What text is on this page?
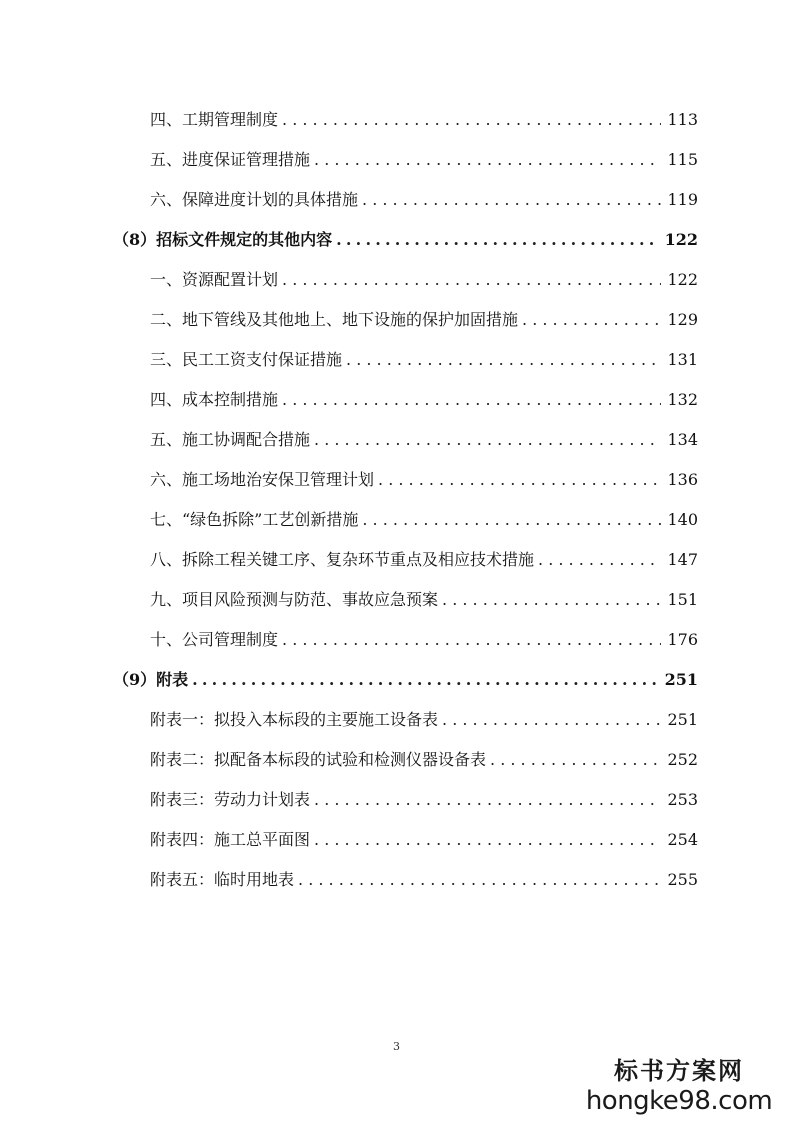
四、工期管理制度 . . .	113
五、进度保证管理措施 . . .	115
六、保障进度计划的具体措施 . . .	119
（8）招标文件规定的其他内容 .....	122
一、资源配置计划 . . .	122
二、地下管线及其他地上、地下设施的保护加固措施 . . .	129
三、民工工资支付保证措施 . . .	131
四、成本控制措施 . . .	132
五、施工协调配合措施 . . .	134
六、施工场地治安保卫管理计划 . . .	136
七、“绿色拆除”工艺创新措施 . . .	140
八、拆除工程关键工序、复杂环节重点及相应技术措施 . . .	147
九、项目风险预测与防范、事故应急预案 . . .	151
十、公司管理制度 . . .	176
（9）附表 .....	251
附表一：拟投入本标段的主要施工设备表 . . .	251
附表二：拟配备本标段的试验和检测仪器设备表 . . .	252
附表三：劳动力计划表 . . .	253
附表四：施工总平面图 . . .	254
附表五：临时用地表 . . .	255
3
标书方案网
hongke98.com
